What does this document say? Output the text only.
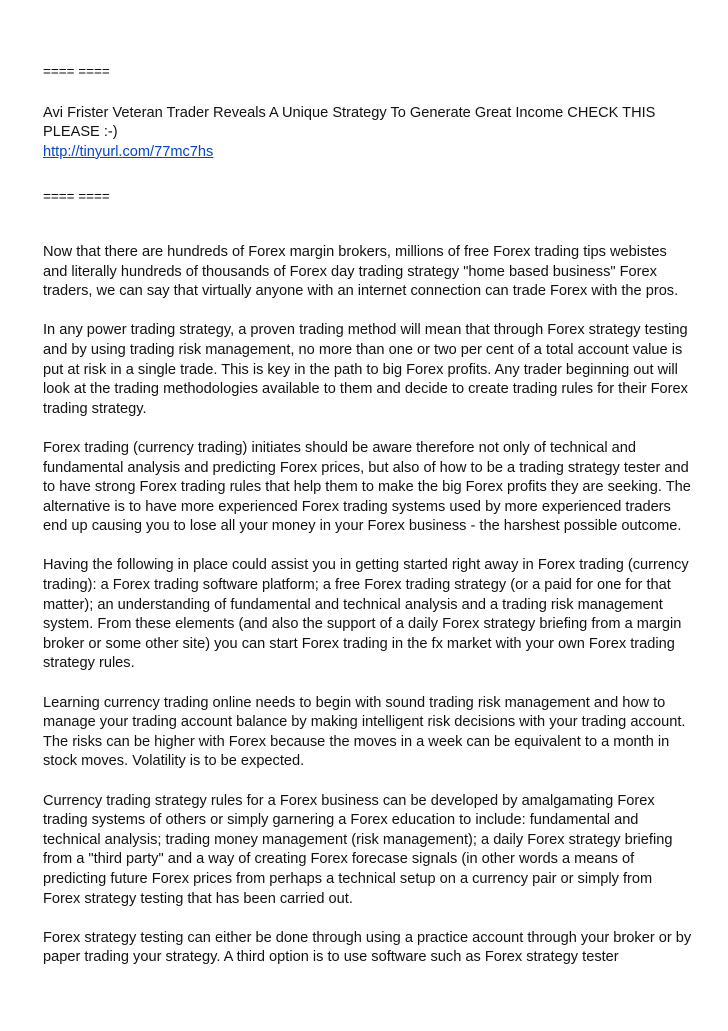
==== ====

Avi Frister Veteran Trader Reveals A Unique Strategy To Generate Great Income CHECK THIS PLEASE :-)

http://tinyurl.com/77mc7hs

==== ====

Now that there are hundreds of Forex margin brokers, millions of free Forex trading tips webistes and literally hundreds of thousands of Forex day trading strategy "home based business" Forex traders, we can say that virtually anyone with an internet connection can trade Forex with the pros.

In any power trading strategy, a proven trading method will mean that through Forex strategy testing and by using trading risk management, no more than one or two per cent of a total account value is put at risk in a single trade. This is key in the path to big Forex profits. Any trader beginning out will look at the trading methodologies available to them and decide to create trading rules for their Forex trading strategy.

Forex trading (currency trading) initiates should be aware therefore not only of technical and fundamental analysis and predicting Forex prices, but also of how to be a trading strategy tester and to have strong Forex trading rules that help them to make the big Forex profits they are seeking. The alternative is to have more experienced Forex trading systems used by more experienced traders end up causing you to lose all your money in your Forex business - the harshest possible outcome.

Having the following in place could assist you in getting started right away in Forex trading (currency trading): a Forex trading software platform; a free Forex trading strategy (or a paid for one for that matter); an understanding of fundamental and technical analysis and a trading risk management system. From these elements (and also the support of a daily Forex strategy briefing from a margin broker or some other site) you can start Forex trading in the fx market with your own Forex trading strategy rules.

Learning currency trading online needs to begin with sound trading risk management and how to manage your trading account balance by making intelligent risk decisions with your trading account. The risks can be higher with Forex because the moves in a week can be equivalent to a month in stock moves. Volatility is to be expected.

Currency trading strategy rules for a Forex business can be developed by amalgamating Forex trading systems of others or simply garnering a Forex education to include: fundamental and technical analysis; trading money management (risk management); a daily Forex strategy briefing from a "third party" and a way of creating Forex forecase signals (in other words a means of predicting future Forex prices from perhaps a technical setup on a currency pair or simply from Forex strategy testing that has been carried out.

Forex strategy testing can either be done through using a practice account through your broker or by paper trading your strategy. A third option is to use software such as Forex strategy tester
